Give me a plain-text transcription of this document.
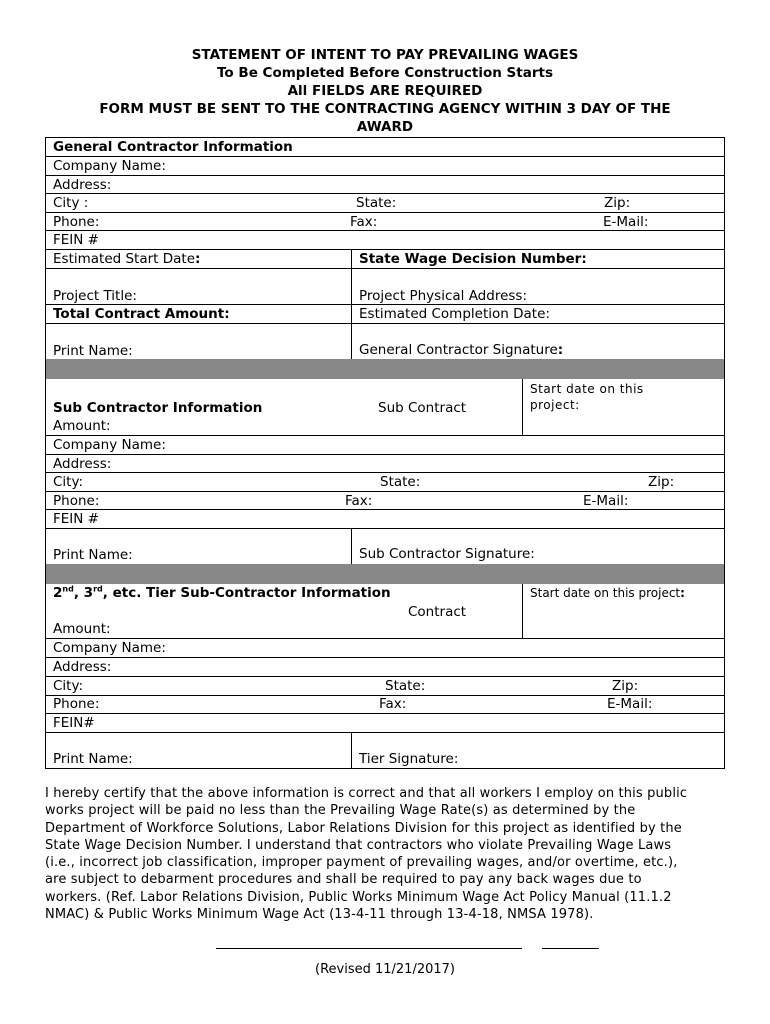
STATEMENT OF INTENT TO PAY PREVAILING WAGES
To Be Completed Before Construction Starts
All FIELDS ARE REQUIRED
FORM MUST BE SENT TO THE CONTRACTING AGENCY WITHIN 3 DAY OF THE
AWARD
General Contractor Information
Company Name:
Address:
City :	State:	Zip:
Phone:	Fax:	E-Mail:
FEIN #
Estimated Start Date:	State Wage Decision Number:
Project Title:	Project Physical Address:
Total Contract Amount:	Estimated Completion Date:
Print Name:	General Contractor Signature:
Sub Contractor Information	Sub Contract
Amount:
Start date on this
project:
Company Name:
Address:
City:	State:	Zip:
Phone:	Fax:	E-Mail:
FEIN #
Print Name:	Sub Contractor Signature:
2nd, 3rd, etc. Tier Sub-Contractor Information
Contract
Amount:
Start date on this project:
Company Name:
Address:
City:	State:	Zip:
Phone:	Fax:	E-Mail:
FEIN#
Print Name:	Tier Signature:
I hereby certify that the above information is correct and that all workers I employ on this public
works project will be paid no less than the Prevailing Wage Rate(s) as determined by the
Department of Workforce Solutions, Labor Relations Division for this project as identified by the
State Wage Decision Number. I understand that contractors who violate Prevailing Wage Laws
(i.e., incorrect job classification, improper payment of prevailing wages, and/or overtime, etc.),
are subject to debarment procedures and shall be required to pay any back wages due to
workers. (Ref. Labor Relations Division, Public Works Minimum Wage Act Policy Manual (11.1.2
NMAC) & Public Works Minimum Wage Act (13-4-11 through 13-4-18, NMSA 1978).
(Revised 11/21/2017)
